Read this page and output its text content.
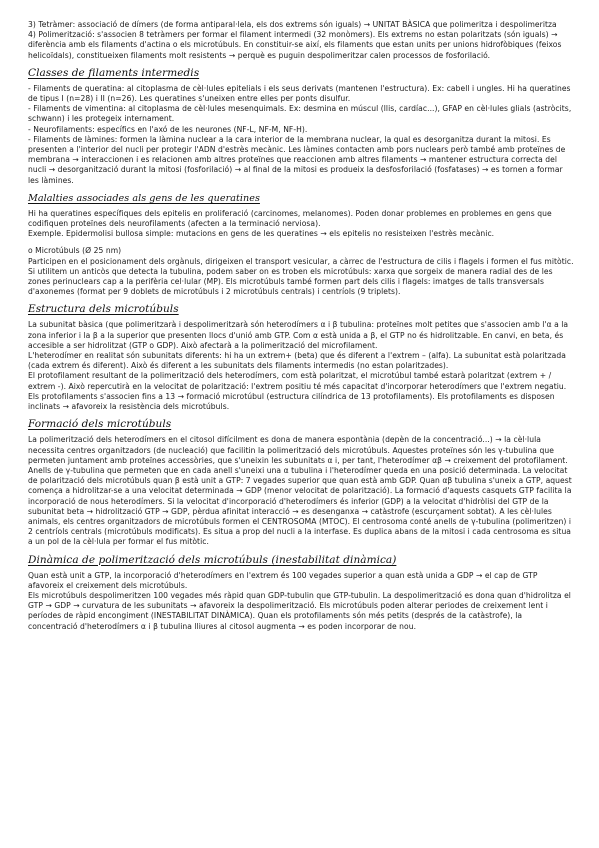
3) Tetràmer: associació de dímers (de forma antiparal·lela, els dos extrems són iguals) → UNITAT BÀSICA que polimeritza i despolimeritza

4) Polimerització: s'associen 8 tetràmers per formar el filament intermedi (32 monòmers). Els extrems no estan polaritzats (són iguals) → diferència amb els filaments d'actina o els microtúbuls. En constituir-se així, els filaments que estan units per unions hidrofòbiques (feixos helicoïdals), constitueixen filaments molt resistents → perquè es puguin despolimeritzar calen processos de fosforilació.

Classes de filaments intermedis

- Filaments de queratina: al citoplasma de cèl·lules epitelials i els seus derivats (mantenen l'estructura). Ex: cabell i ungles. Hi ha queratines de tipus I (n=28) i II (n=26). Les queratines s'uneixen entre elles per ponts disulfur.

- Filaments de vimentina: al citoplasma de cèl·lules mesenquimals. Ex: desmina en múscul (llis, cardíac...), GFAP en cèl·lules glials (astròcits, schwann) i les protegeix internament.

- Neurofilaments: específics en l'axó de les neurones (NF-L, NF-M, NF-H).

- Filaments de làmines: formen la làmina nuclear a la cara interior de la membrana nuclear, la qual es desorganitza durant la mitosi. Es presenten a l'interior del nucli per protegir l'ADN d'estrès mecànic. Les làmines contacten amb pors nuclears però també amb proteïnes de membrana → interaccionen i es relacionen amb altres proteïnes que reaccionen amb altres filaments → mantener estructura correcta del nucli → desorganització durant la mitosi (fosforilació) → al final de la mitosi es produeix la desfosforilació (fosfatases) → es tornen a formar les làmines.

Malalties associades als gens de les queratines

Hi ha queratines específiques dels epitelis en proliferació (carcinomes, melanomes). Poden donar problemes en problemes en gens que codifiquen proteïnes dels neurofilaments (afecten a la terminació nerviosa).

Exemple. Epidermolisi bullosa simple: mutacions en gens de les queratines → els epitelis no resisteixen l'estrès mecànic.

o Microtúbuls (Ø 25 nm)

Participen en el posicionament dels orgànuls, dirigeixen el transport vesicular, a càrrec de l'estructura de cilis i flagels i formen el fus mitòtic. Si utilitem un anticòs que detecta la tubulina, podem saber on es troben els microtúbuls: xarxa que sorgeix de manera radial des de les zones perinuclears cap a la perifèria cel·lular (MP). Els microtúbuls també formen part dels cilis i flagels: imatges de talls transversals d'axonemes (format per 9 doblets de microtúbuls i 2 microtúbuls centrals) i centríols (9 triplets).

Estructura dels microtúbuls

La subunitat bàsica (que polimeritzarà i despolimeritzarà són heterodímers α i β tubulina: proteïnes molt petites que s'associen amb l'α a la zona inferior i la β a la superior que presenten llocs d'unió amb GTP. Com α està unida a β, el GTP no és hidrolitzable. En canvi, en beta, és accesible a ser hidrolitzat (GTP o GDP). Això afectarà a la polimerització del microfilament.

L'heterodímer en realitat són subunitats diferents: hi ha un extrem+ (beta) que és diferent a l'extrem – (alfa). La subunitat està polaritzada (cada extrem és diferent). Això és diferent a les subunitats dels filaments intermedis (no estan polaritzades).

El protofilament resultant de la polimerització dels heterodímers, com està polaritzat, el microtúbul també estarà polaritzat (extrem + / extrem -). Això repercutirà en la velocitat de polarització: l'extrem positiu té més capacitat d'incorporar heterodímers que l'extrem negatiu. Els protofilaments s'associen fins a 13 → formació microtúbul (estructura cilíndrica de 13 protofilaments). Els protofilaments es disposen inclinats → afavoreix la resistència dels microtúbuls.

Formació dels microtúbuls

La polimerització dels heterodímers en el citosol difícilment es dona de manera espontània (depèn de la concentració...) → la cèl·lula necessita centres organitzadors (de nucleació) que facilitin la polimerització dels microtúbuls. Aquestes proteïnes són les γ-tubulina que permeten juntament amb proteïnes accessòries, que s'uneixin les subunitats α i, per tant, l'heterodímer αβ → creixement del protofilament. Anells de γ-tubulina que permeten que en cada anell s'uneixi una α tubulina i l'heterodímer queda en una posició determinada. La velocitat de polarització dels microtúbuls quan β està unit a GTP: 7 vegades superior que quan està amb GDP. Quan αβ tubulina s'uneix a GTP, aquest comença a hidrolitzar-se a una velocitat determinada → GDP (menor velocitat de polarització). La formació d'aquests casquets GTP facilita la incorporació de nous heterodímers. Si la velocitat d'incorporació d'heterodímers és inferior (GDP) a la velocitat d'hidròlisi del GTP de la subunitat beta → hidrolització GTP → GDP, pèrdua afinitat interacció → es desenganxa → catàstrofe (escurçament sobtat). A les cèl·lules animals, els centres organitzadors de microtúbuls formen el CENTROSOMA (MTOC). El centrosoma conté anells de γ-tubulina (polimeritzen) i 2 centríols centrals (microtúbuls modificats). Es situa a prop del nucli a la interfase. Es duplica abans de la mitosi i cada centrosoma es situa a un pol de la cèl·lula per formar el fus mitòtic.

Dinàmica de polimerització dels microtúbuls (inestabilitat dinàmica)

Quan està unit a GTP, la incorporació d'heterodímers en l'extrem és 100 vegades superior a quan està unida a GDP → el cap de GTP afavoreix el creixement dels microtúbuls.

Els microtúbuls despolimeritzen 100 vegades més ràpid quan GDP-tubulin que GTP-tubulin. La despolimerització es dona quan d'hidrolitza el GTP → GDP → curvatura de les subunitats → afavoreix la despolimerització. Els microtúbuls poden alterar periodes de creixement lent i períodes de ràpid encongiment (INESTABILITAT DINÀMICA). Quan els protofilaments són més petits (després de la catàstrofe), la concentració d'heterodímers α i β tubulina lliures al citosol augmenta → es poden incorporar de nou.
